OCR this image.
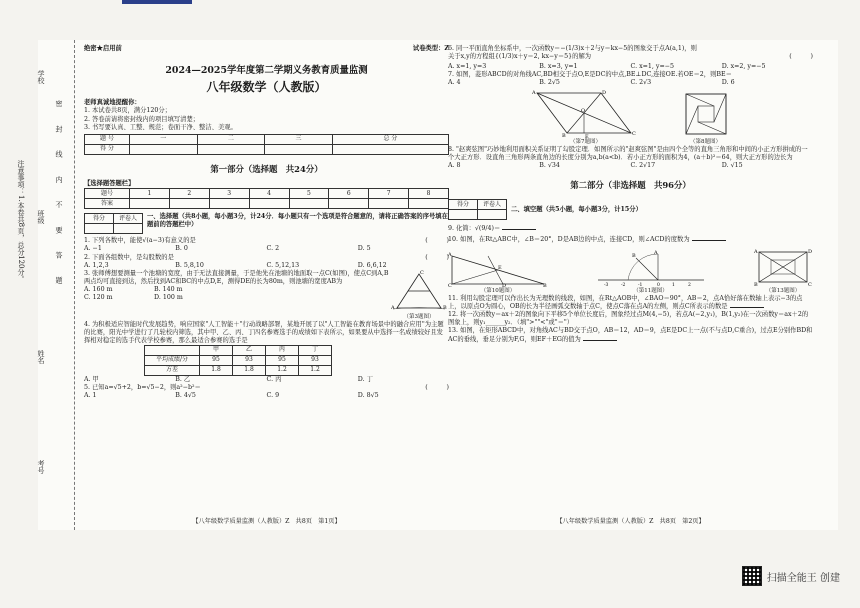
注意事项：1.本卷共8页，总分120分。
学校
班级
姓名
考号
密 封 线 内 不 要 答 题
绝密★启用前	试卷类型：Z
2024—2025学年度第二学期义务教育质量监测
八年级数学（人教版）
老师真诚地提醒你：
1. 本试卷共8页，满分120分；
2. 答卷前请将密封线内的项目填写清楚；
3. 书写要认真、工整、规范；卷面干净、整洁、美观。
题 号	一	二	三	总 分
得 分				
第一部分（选择题　共24分）
【选择题答题栏】
题号	1	2	3	4	5	6	7	8
答案								
得分	评卷人
	一、选择题（共8小题，每小题3分，计24分．每小题只有一个选项是符合题意的，请将正确答案的序号填在题前的答题栏中）
1. 下列各数中，能使√(a−3)有意义的是	(　　　)
A. −1	B. 0	C. 2	D. 5
2. 下面各组数中，是勾股数的是	(　　　)
A. 1,2,3	B. 5,8,10	C. 5,12,13	D. 6,6,12
3. 张师傅想要测量一个池塘的宽度，由于无法直接测量，于是他先在池塘的地面取一点C(如图)，使点C到A,B两点均可直接到达，然后找到AC和BC的中点D,E，测得DE的长为80m，则池塘的宽度AB为
A. 160 m	B. 140 m
C. 120 m	D. 100 m
C
A	B
（第3题图）
4. 为积极适应智能时代发展趋势，响应国家"人工智能＋"行动战略部署，某地开展了以"人工智能在教育场景中的融合应用"为主题的比赛，阳光中学进行了几轮校内筛选，其中甲、乙、丙、丁四名参赛选手的成绩如下表所示，如果要从中选择一名成绩较好且发挥相对稳定的选手代表学校参赛，那么最适合参赛的选手是
	甲	乙	丙	丁
平均成绩/分	95	93	95	93
方差	1.8	1.8	1.2	1.2
A. 甲	B. 乙	C. 丙	D. 丁
5. 已知a=√5+2，b=√5−2，则a²−b²＝	(　　　)
A. 1	B. 4√5	C. 9	D. 8√5
【八年级数学质量监测（人教版）Z　共8页　第1页】
6. 同一平面直角坐标系中，一次函数y＝−(1/3)x＋2与y＝kx−5的图象交于点A(a,1)，则
关于x,y的方程组{(1/3)x＋y＝2, kx−y＝5}的解为	(　　　)
A. x=1, y=3	B. x=3, y=1	C. x=1, y=−5	D. x=2, y=−5
7. 如图，菱形ABCD的对角线AC,BD相交于点O,E是DC的中点,BE⊥DC,连接OE.若OE＝2，则BE＝
A. 4	B. 2√5	C. 2√3	D. 6
A	D
C
B
O
E
（第7题图）	（第8题图）
8. "赵爽弦图"巧妙地利用面积关系证明了勾股定理．如图所示的"赵爽弦图"是由四个全等的直角三角形和中间的小正方形拼成的一个大正方形．设直角三角形两条直角边的长度分别为a,b(a<b)．若小正方形的面积为4，(a＋b)²＝64，则大正方形的边长为
A. 8	B. √34	C. 2√17	D. √15
第二部分（非选择题　共96分）
得分	评卷人

二、填空题（共5小题，每小题3分，计15分）
9. 化简：√(9/4)＝
10. 如图，在Rt△ABC中，∠B＝20°，D是AB边的中点，连接CD，则∠ACD的度数为
A
C	B
E
D
（第10题图）
-3	-2	-1	0	1	2
B	A
（第11题图）
A	D
B	C
（第13题图）
11. 利用勾股定理可以作出长为无理数的线段，如图，在Rt△AOB中，∠BAO＝90°，AB＝2，点A恰好落在数轴上表示−3的点上，以原点O为圆心，OB的长为半径画弧交数轴于点C，使点C落在点A的左侧，则点C所表示的数是
12. 将一次函数y＝ax＋2的图象向下平移5个单位长度后，图象经过点M(4,−5)，若点A(−2,y₁)，B(1,y₂)在一次函数y＝ax＋2的图象上，则y₁______y₂．（填">""<"或"＝"）
13. 如图，在矩形ABCD中，对角线AC与BD交于点O，AB＝12，AD＝9，点E是DC上一点(不与点D,C重合)，过点E分别作BD和AC的垂线，垂足分别为F,G，则EF＋EG的值为
【八年级数学质量监测（人教版）Z　共8页　第2页】
扫描全能王 创建
